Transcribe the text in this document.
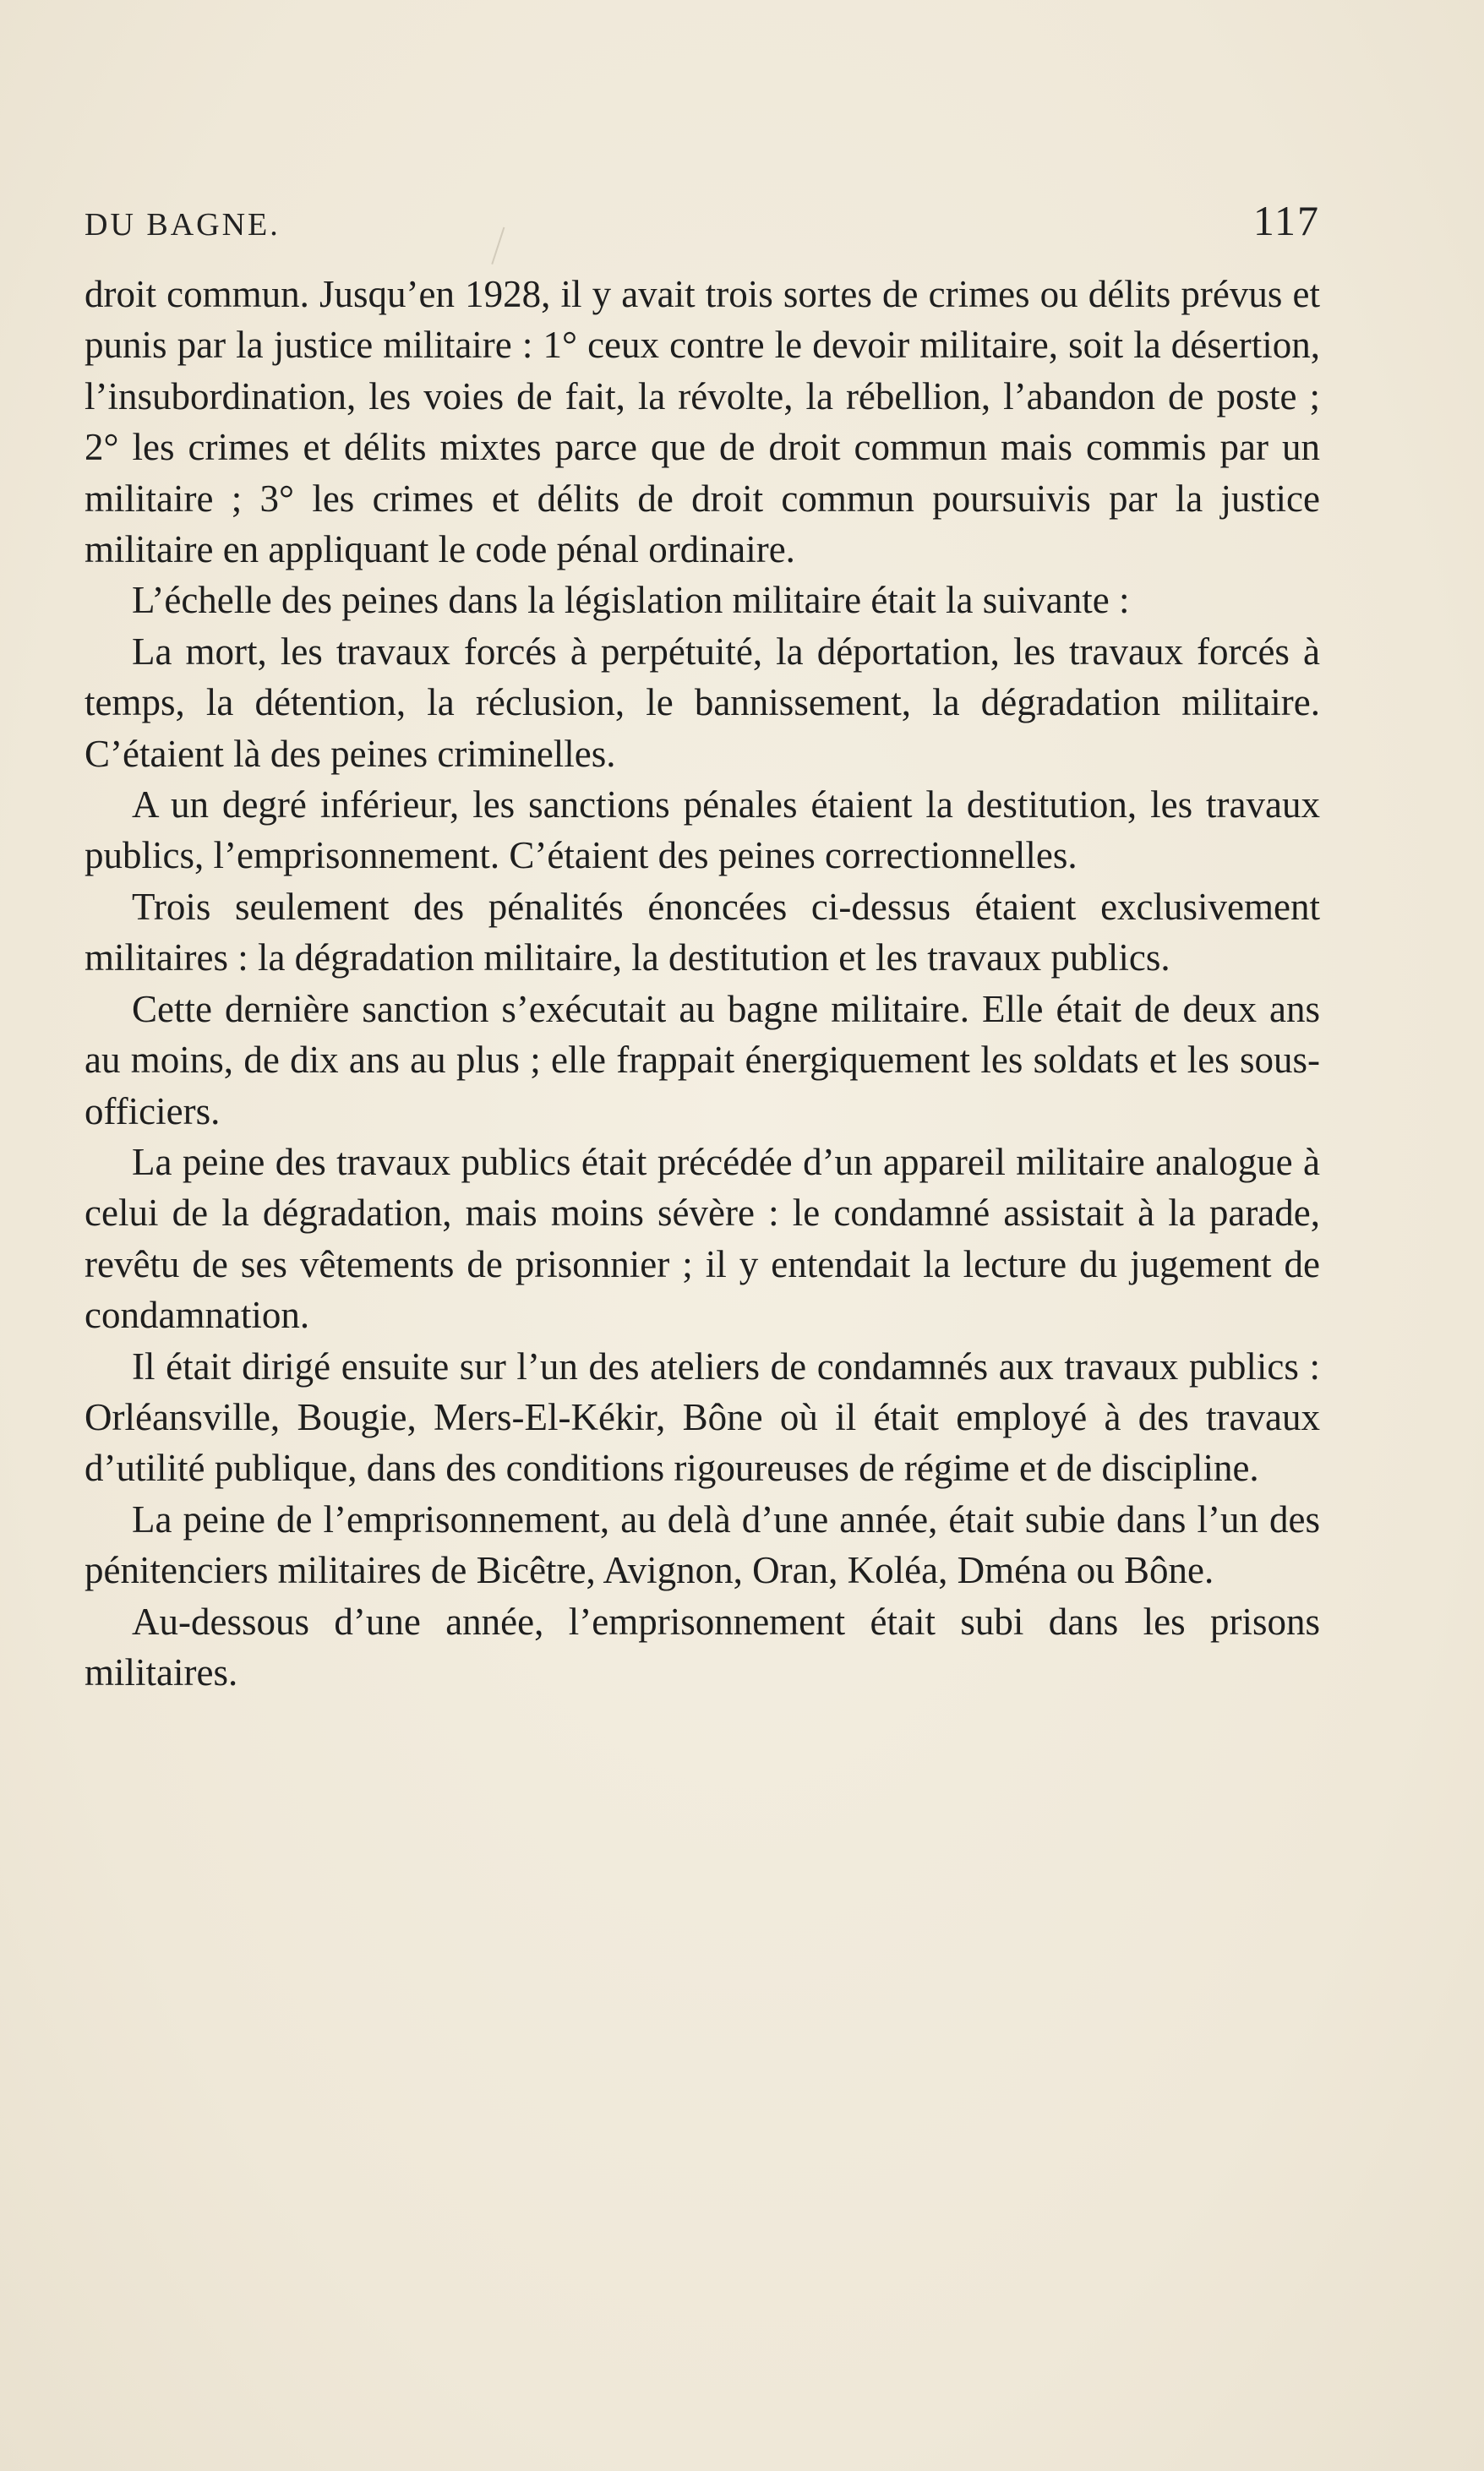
DU BAGNE.	117

droit commun. Jusqu’en 1928, il y avait trois sortes de crimes ou délits prévus et punis par la justice militaire : 1° ceux contre le devoir militaire, soit la désertion, l’insubordination, les voies de fait, la révolte, la rébellion, l’abandon de poste ; 2° les crimes et délits mixtes parce que de droit commun mais commis par un militaire ; 3° les crimes et délits de droit commun poursuivis par la justice militaire en appliquant le code pénal ordinaire.

L’échelle des peines dans la législation militaire était la suivante :

La mort, les travaux forcés à perpétuité, la déportation, les travaux forcés à temps, la détention, la réclusion, le bannissement, la dégradation militaire. C’étaient là des peines criminelles.

A un degré inférieur, les sanctions pénales étaient la destitution, les travaux publics, l’emprisonnement. C’étaient des peines correctionnelles.

Trois seulement des pénalités énoncées ci-dessus étaient exclusivement militaires : la dégradation militaire, la destitution et les travaux publics.

Cette dernière sanction s’exécutait au bagne militaire. Elle était de deux ans au moins, de dix ans au plus ; elle frappait énergiquement les soldats et les sous-officiers.

La peine des travaux publics était précédée d’un appareil militaire analogue à celui de la dégradation, mais moins sévère : le condamné assistait à la parade, revêtu de ses vêtements de prisonnier ; il y entendait la lecture du jugement de condamnation.

Il était dirigé ensuite sur l’un des ateliers de condamnés aux travaux publics : Orléansville, Bougie, Mers-El-Kékir, Bône où il était employé à des travaux d’utilité publique, dans des conditions rigoureuses de régime et de discipline.

La peine de l’emprisonnement, au delà d’une année, était subie dans l’un des pénitenciers militaires de Bicêtre, Avignon, Oran, Koléa, Dména ou Bône.

Au-dessous d’une année, l’emprisonnement était subi dans les prisons militaires.
